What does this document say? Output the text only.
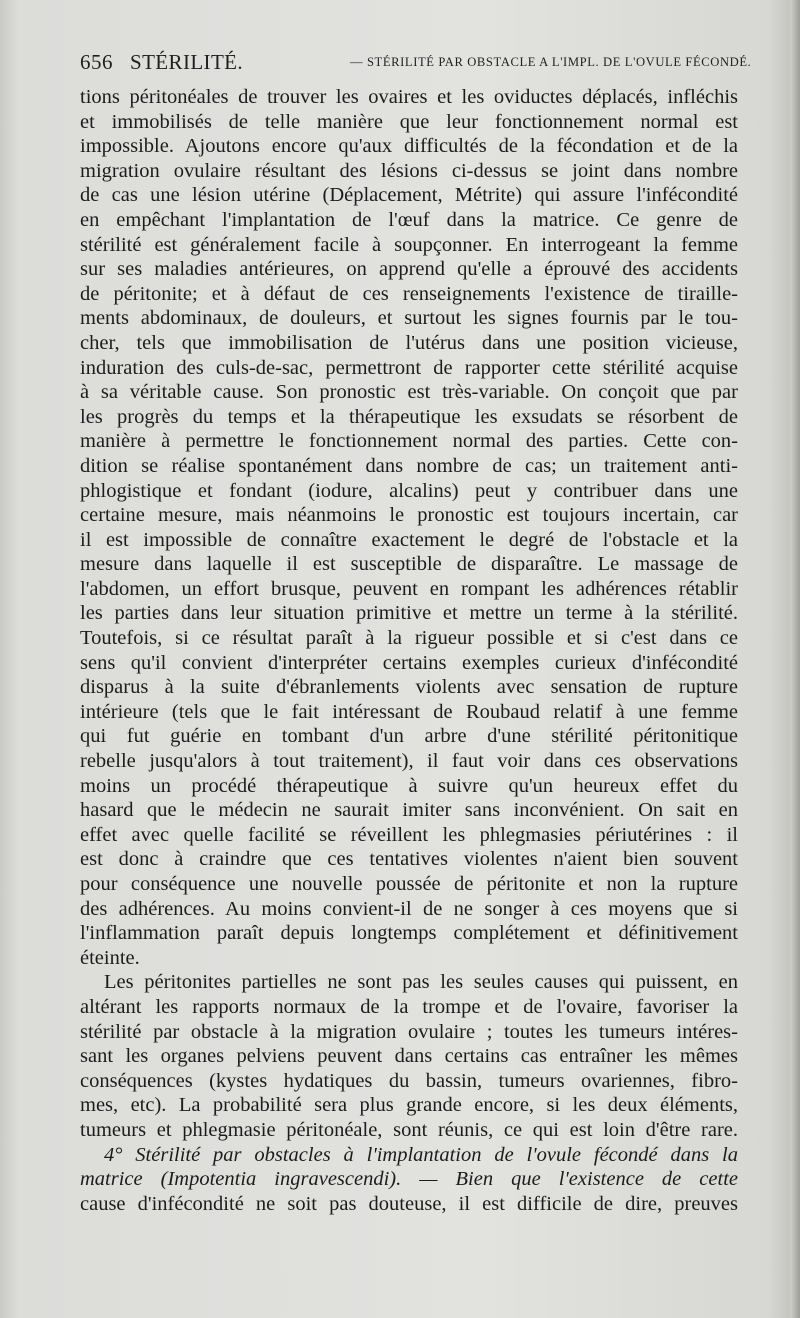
656 STÉRILITÉ.	— STÉRILITÉ PAR OBSTACLE A L'IMPL. DE L'OVULE FÉCONDÉ.
tions péritonéales de trouver les ovaires et les oviductes déplacés, infléchis
et immobilisés de telle manière que leur fonctionnement normal est
impossible. Ajoutons encore qu'aux difficultés de la fécondation et de la
migration ovulaire résultant des lésions ci-dessus se joint dans nombre
de cas une lésion utérine (Déplacement, Métrite) qui assure l'infécondité
en empêchant l'implantation de l'œuf dans la matrice. Ce genre de
stérilité est généralement facile à soupçonner. En interrogeant la femme
sur ses maladies antérieures, on apprend qu'elle a éprouvé des accidents
de péritonite; et à défaut de ces renseignements l'existence de tiraille-
ments abdominaux, de douleurs, et surtout les signes fournis par le tou-
cher, tels que immobilisation de l'utérus dans une position vicieuse,
induration des culs-de-sac, permettront de rapporter cette stérilité acquise
à sa véritable cause. Son pronostic est très-variable. On conçoit que par
les progrès du temps et la thérapeutique les exsudats se résorbent de
manière à permettre le fonctionnement normal des parties. Cette con-
dition se réalise spontanément dans nombre de cas; un traitement anti-
phlogistique et fondant (iodure, alcalins) peut y contribuer dans une
certaine mesure, mais néanmoins le pronostic est toujours incertain, car
il est impossible de connaître exactement le degré de l'obstacle et la
mesure dans laquelle il est susceptible de disparaître. Le massage de
l'abdomen, un effort brusque, peuvent en rompant les adhérences rétablir
les parties dans leur situation primitive et mettre un terme à la stérilité.
Toutefois, si ce résultat paraît à la rigueur possible et si c'est dans ce
sens qu'il convient d'interpréter certains exemples curieux d'infécondité
disparus à la suite d'ébranlements violents avec sensation de rupture
intérieure (tels que le fait intéressant de Roubaud relatif à une femme
qui fut guérie en tombant d'un arbre d'une stérilité péritonitique
rebelle jusqu'alors à tout traitement), il faut voir dans ces observations
moins un procédé thérapeutique à suivre qu'un heureux effet du
hasard que le médecin ne saurait imiter sans inconvénient. On sait en
effet avec quelle facilité se réveillent les phlegmasies périutérines : il
est donc à craindre que ces tentatives violentes n'aient bien souvent
pour conséquence une nouvelle poussée de péritonite et non la rupture
des adhérences. Au moins convient-il de ne songer à ces moyens que si
l'inflammation paraît depuis longtemps complétement et définitivement
éteinte.
Les péritonites partielles ne sont pas les seules causes qui puissent, en
altérant les rapports normaux de la trompe et de l'ovaire, favoriser la
stérilité par obstacle à la migration ovulaire ; toutes les tumeurs intéres-
sant les organes pelviens peuvent dans certains cas entraîner les mêmes
conséquences (kystes hydatiques du bassin, tumeurs ovariennes, fibro-
mes, etc). La probabilité sera plus grande encore, si les deux éléments,
tumeurs et phlegmasie péritonéale, sont réunis, ce qui est loin d'être rare.
4° Stérilité par obstacles à l'implantation de l'ovule fécondé dans la
matrice (Impotentia ingravescendi). — Bien que l'existence de cette
cause d'infécondité ne soit pas douteuse, il est difficile de dire, preuves
